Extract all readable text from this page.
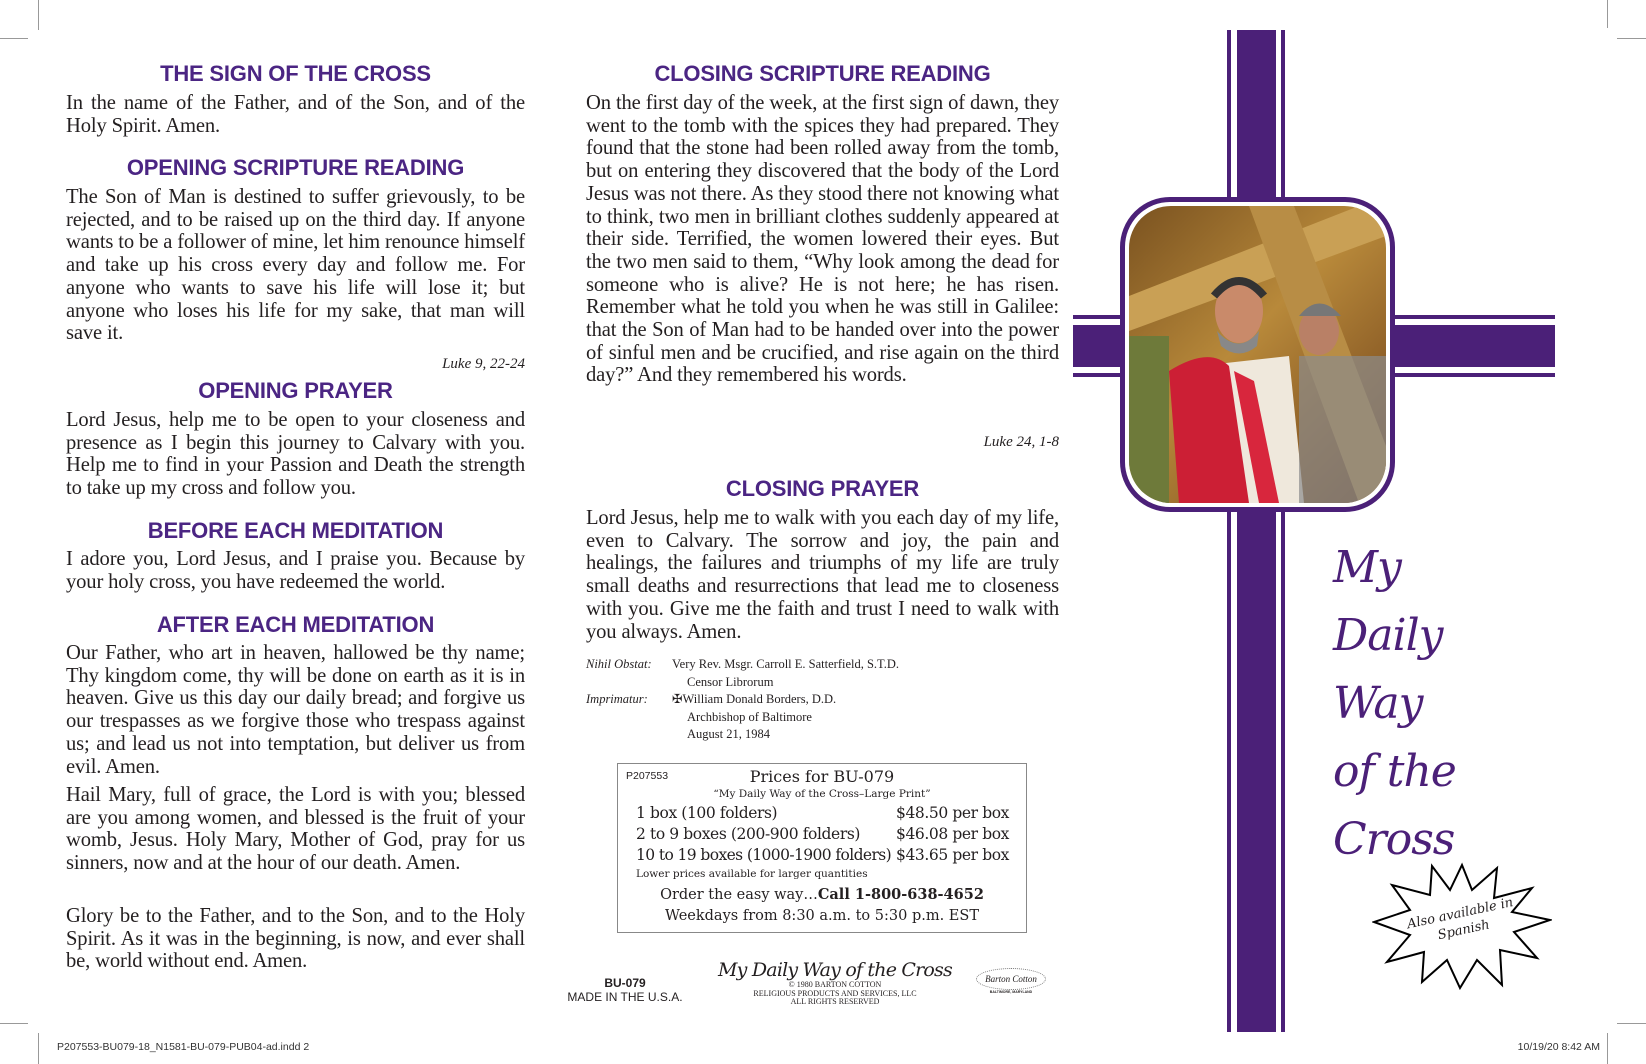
THE SIGN OF THE CROSS
In the name of the Father, and of the Son, and of the Holy Spirit. Amen.
OPENING SCRIPTURE READING
The Son of Man is destined to suffer grievously, to be rejected, and to be raised up on the third day. If anyone wants to be a follower of mine, let him renounce himself and take up his cross every day and follow me. For anyone who wants to save his life will lose it; but anyone who loses his life for my sake, that man will save it.
Luke 9, 22-24
OPENING PRAYER
Lord Jesus, help me to be open to your closeness and presence as I begin this journey to Calvary with you. Help me to find in your Passion and Death the strength to take up my cross and follow you.
BEFORE EACH MEDITATION
I adore you, Lord Jesus, and I praise you. Because by your holy cross, you have redeemed the world.
AFTER EACH MEDITATION
Our Father, who art in heaven, hallowed be thy name; Thy kingdom come, thy will be done on earth as it is in heaven. Give us this day our daily bread; and forgive us our trespasses as we forgive those who trespass against us; and lead us not into temptation, but deliver us from evil. Amen.
Hail Mary, full of grace, the Lord is with you; blessed are you among women, and blessed is the fruit of your womb, Jesus. Holy Mary, Mother of God, pray for us sinners, now and at the hour of our death. Amen.
Glory be to the Father, and to the Son, and to the Holy Spirit. As it was in the beginning, is now, and ever shall be, world without end. Amen.
CLOSING SCRIPTURE READING
On the first day of the week, at the first sign of dawn, they went to the tomb with the spices they had prepared. They found that the stone had been rolled away from the tomb, but on entering they discovered that the body of the Lord Jesus was not there. As they stood there not knowing what to think, two men in brilliant clothes suddenly appeared at their side. Terrified, the women lowered their eyes. But the two men said to them, “Why look among the dead for someone who is alive? He is not here; he has risen. Remember what he told you when he was still in Galilee: that the Son of Man had to be handed over into the power of sinful men and be crucified, and rise again on the third day?” And they remembered his words.
Luke 24, 1-8
CLOSING PRAYER
Lord Jesus, help me to walk with you each day of my life, even to Calvary. The sorrow and joy, the pain and healings, the failures and triumphs of my life are truly small deaths and resurrections that lead me to closeness with you. Give me the faith and trust I need to walk with you always. Amen.
Nihil Obstat: Very Rev. Msgr. Carroll E. Satterfield, S.T.D.
Censor Librorum
Imprimatur: ✠William Donald Borders, D.D.
Archbishop of Baltimore
August 21, 1984
P207553	Prices for BU-079
“My Daily Way of the Cross–Large Print”
1 box (100 folders)	$48.50 per box
2 to 9 boxes (200-900 folders) $46.08 per box
10 to 19 boxes (1000-1900 folders) $43.65 per box
Lower prices available for larger quantities
Order the easy way…Call 1-800-638-4652
Weekdays from 8:30 a.m. to 5:30 p.m. EST
BU-079
MADE IN THE U.S.A.
My Daily Way of the Cross
© 1980 BARTON COTTON
RELIGIOUS PRODUCTS AND SERVICES, LLC
ALL RIGHTS RESERVED
Barton Cotton
BALTIMORE, MARYLAND
My
Daily
Way
of the
Cross
Also available in Spanish
P207553-BU079-18_N1581-BU-079-PUB04-ad.indd 2	10/19/20 8:42 AM
